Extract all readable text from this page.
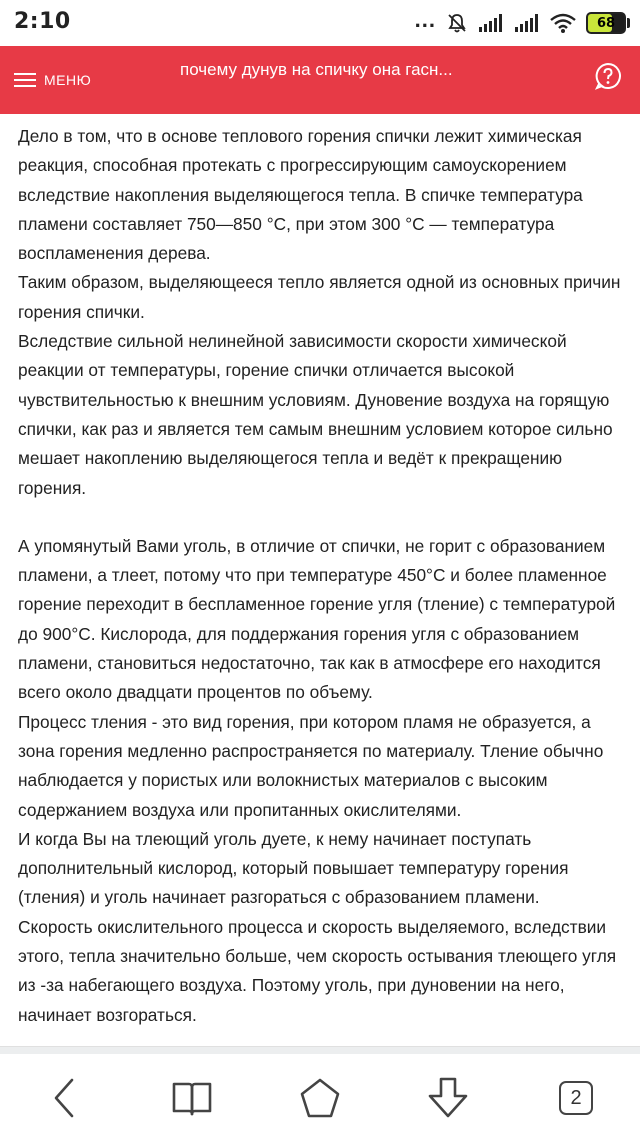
2:10	...	68
МЕНЮ
почему дунув на спичку она гасн...

Дело в том, что в основе теплового горения спички лежит химическая реакция, способная протекать с прогрессирующим самоускорением вследствие накопления выделяющегося тепла. В спичке температура пламени составляет 750—850 °С, при этом 300 °С — температура воспламенения дерева.

Таким образом, выделяющееся тепло является одной из основных причин горения спички.

Вследствие сильной нелинейной зависимости скорости химической реакции от температуры, горение спички отличается высокой чувствительностью к внешним условиям. Дуновение воздуха на горящую спички, как раз и является тем самым внешним условием которое сильно мешает накоплению выделяющегося тепла и ведёт к прекращению горения.

А упомянутый Вами уголь, в отличие от спички, не горит с образованием пламени, а тлеет, потому что при температуре 450°С и более пламенное горение переходит в беспламенное горение угля (тление) с температурой до 900°С. Кислорода, для поддержания горения угля с образованием пламени, становиться недостаточно, так как в атмосфере его находится всего около двадцати процентов по объему.

Процесс тления - это вид горения, при котором пламя не образуется, а зона горения медленно распространяется по материалу. Тление обычно наблюдается у пористых или волокнистых материалов с высоким содержанием воздуха или пропитанных окислителями.

И когда Вы на тлеющий уголь дуете, к нему начинает поступать дополнительный кислород, который повышает температуру горения (тления) и уголь начинает разгораться с образованием пламени.

Скорость окислительного процесса и скорость выделяемого, вследствии этого, тепла значительно больше, чем скорость остывания тлеющего угля из -за набегающего воздуха. Поэтому уголь, при дуновении на него, начинает возгораться.

2
